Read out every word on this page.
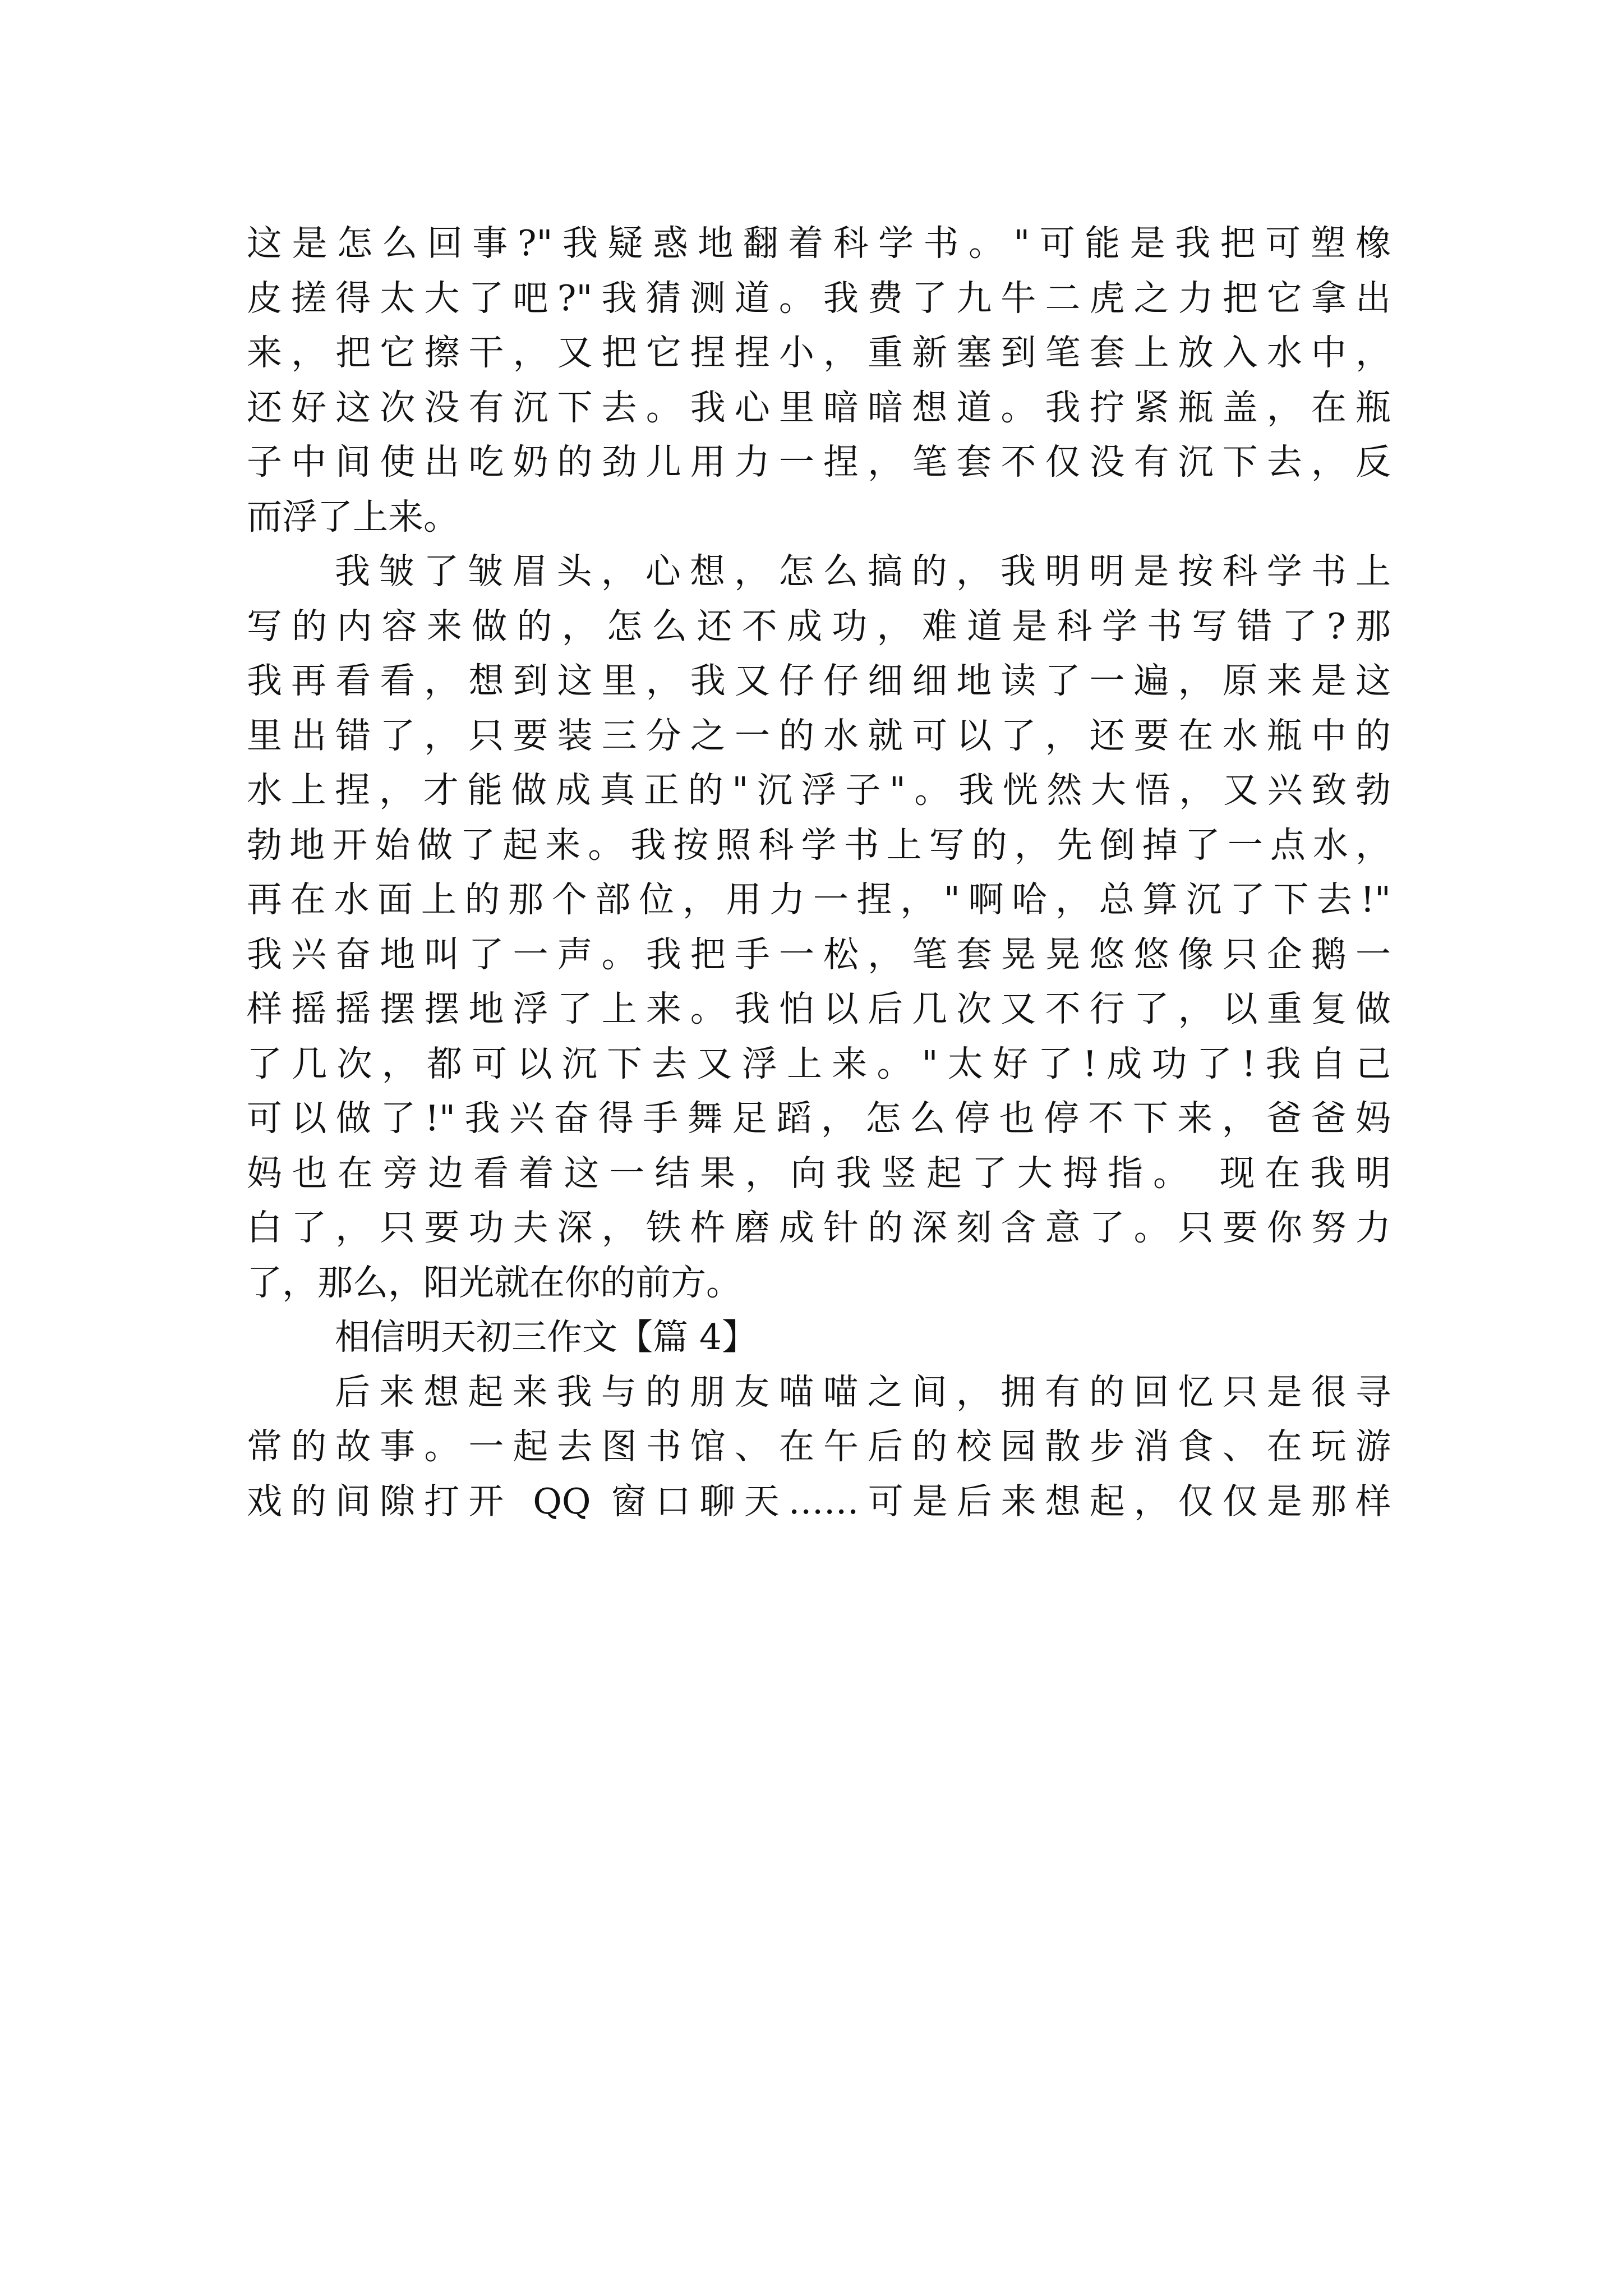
这是怎么回事?"我疑惑地翻着科学书。"可能是我把可塑橡
皮搓得太大了吧?"我猜测道。我费了九牛二虎之力把它拿出
来，把它擦干，又把它捏捏小，重新塞到笔套上放入水中，
还好这次没有沉下去。我心里暗暗想道。我拧紧瓶盖，在瓶
子中间使出吃奶的劲儿用力一捏，笔套不仅没有沉下去，反
而浮了上来。
我皱了皱眉头，心想，怎么搞的，我明明是按科学书上
写的内容来做的，怎么还不成功，难道是科学书写错了?那
我再看看，想到这里，我又仔仔细细地读了一遍，原来是这
里出错了，只要装三分之一的水就可以了，还要在水瓶中的
水上捏，才能做成真正的"沉浮子"。我恍然大悟，又兴致勃
勃地开始做了起来。我按照科学书上写的，先倒掉了一点水，
再在水面上的那个部位，用力一捏，"啊哈，总算沉了下去!"
我兴奋地叫了一声。我把手一松，笔套晃晃悠悠像只企鹅一
样摇摇摆摆地浮了上来。我怕以后几次又不行了，以重复做
了几次，都可以沉下去又浮上来。"太好了!成功了!我自己
可以做了!"我兴奋得手舞足蹈，怎么停也停不下来，爸爸妈
妈也在旁边看着这一结果，向我竖起了大拇指。 现在我明
白了，只要功夫深，铁杵磨成针的深刻含意了。只要你努力
了，那么，阳光就在你的前方。
相信明天初三作文【篇 4】
后来想起来我与的朋友喵喵之间，拥有的回忆只是很寻
常的故事。一起去图书馆、在午后的校园散步消食、在玩游
戏的间隙打开 QQ 窗口聊天……可是后来想起，仅仅是那样
